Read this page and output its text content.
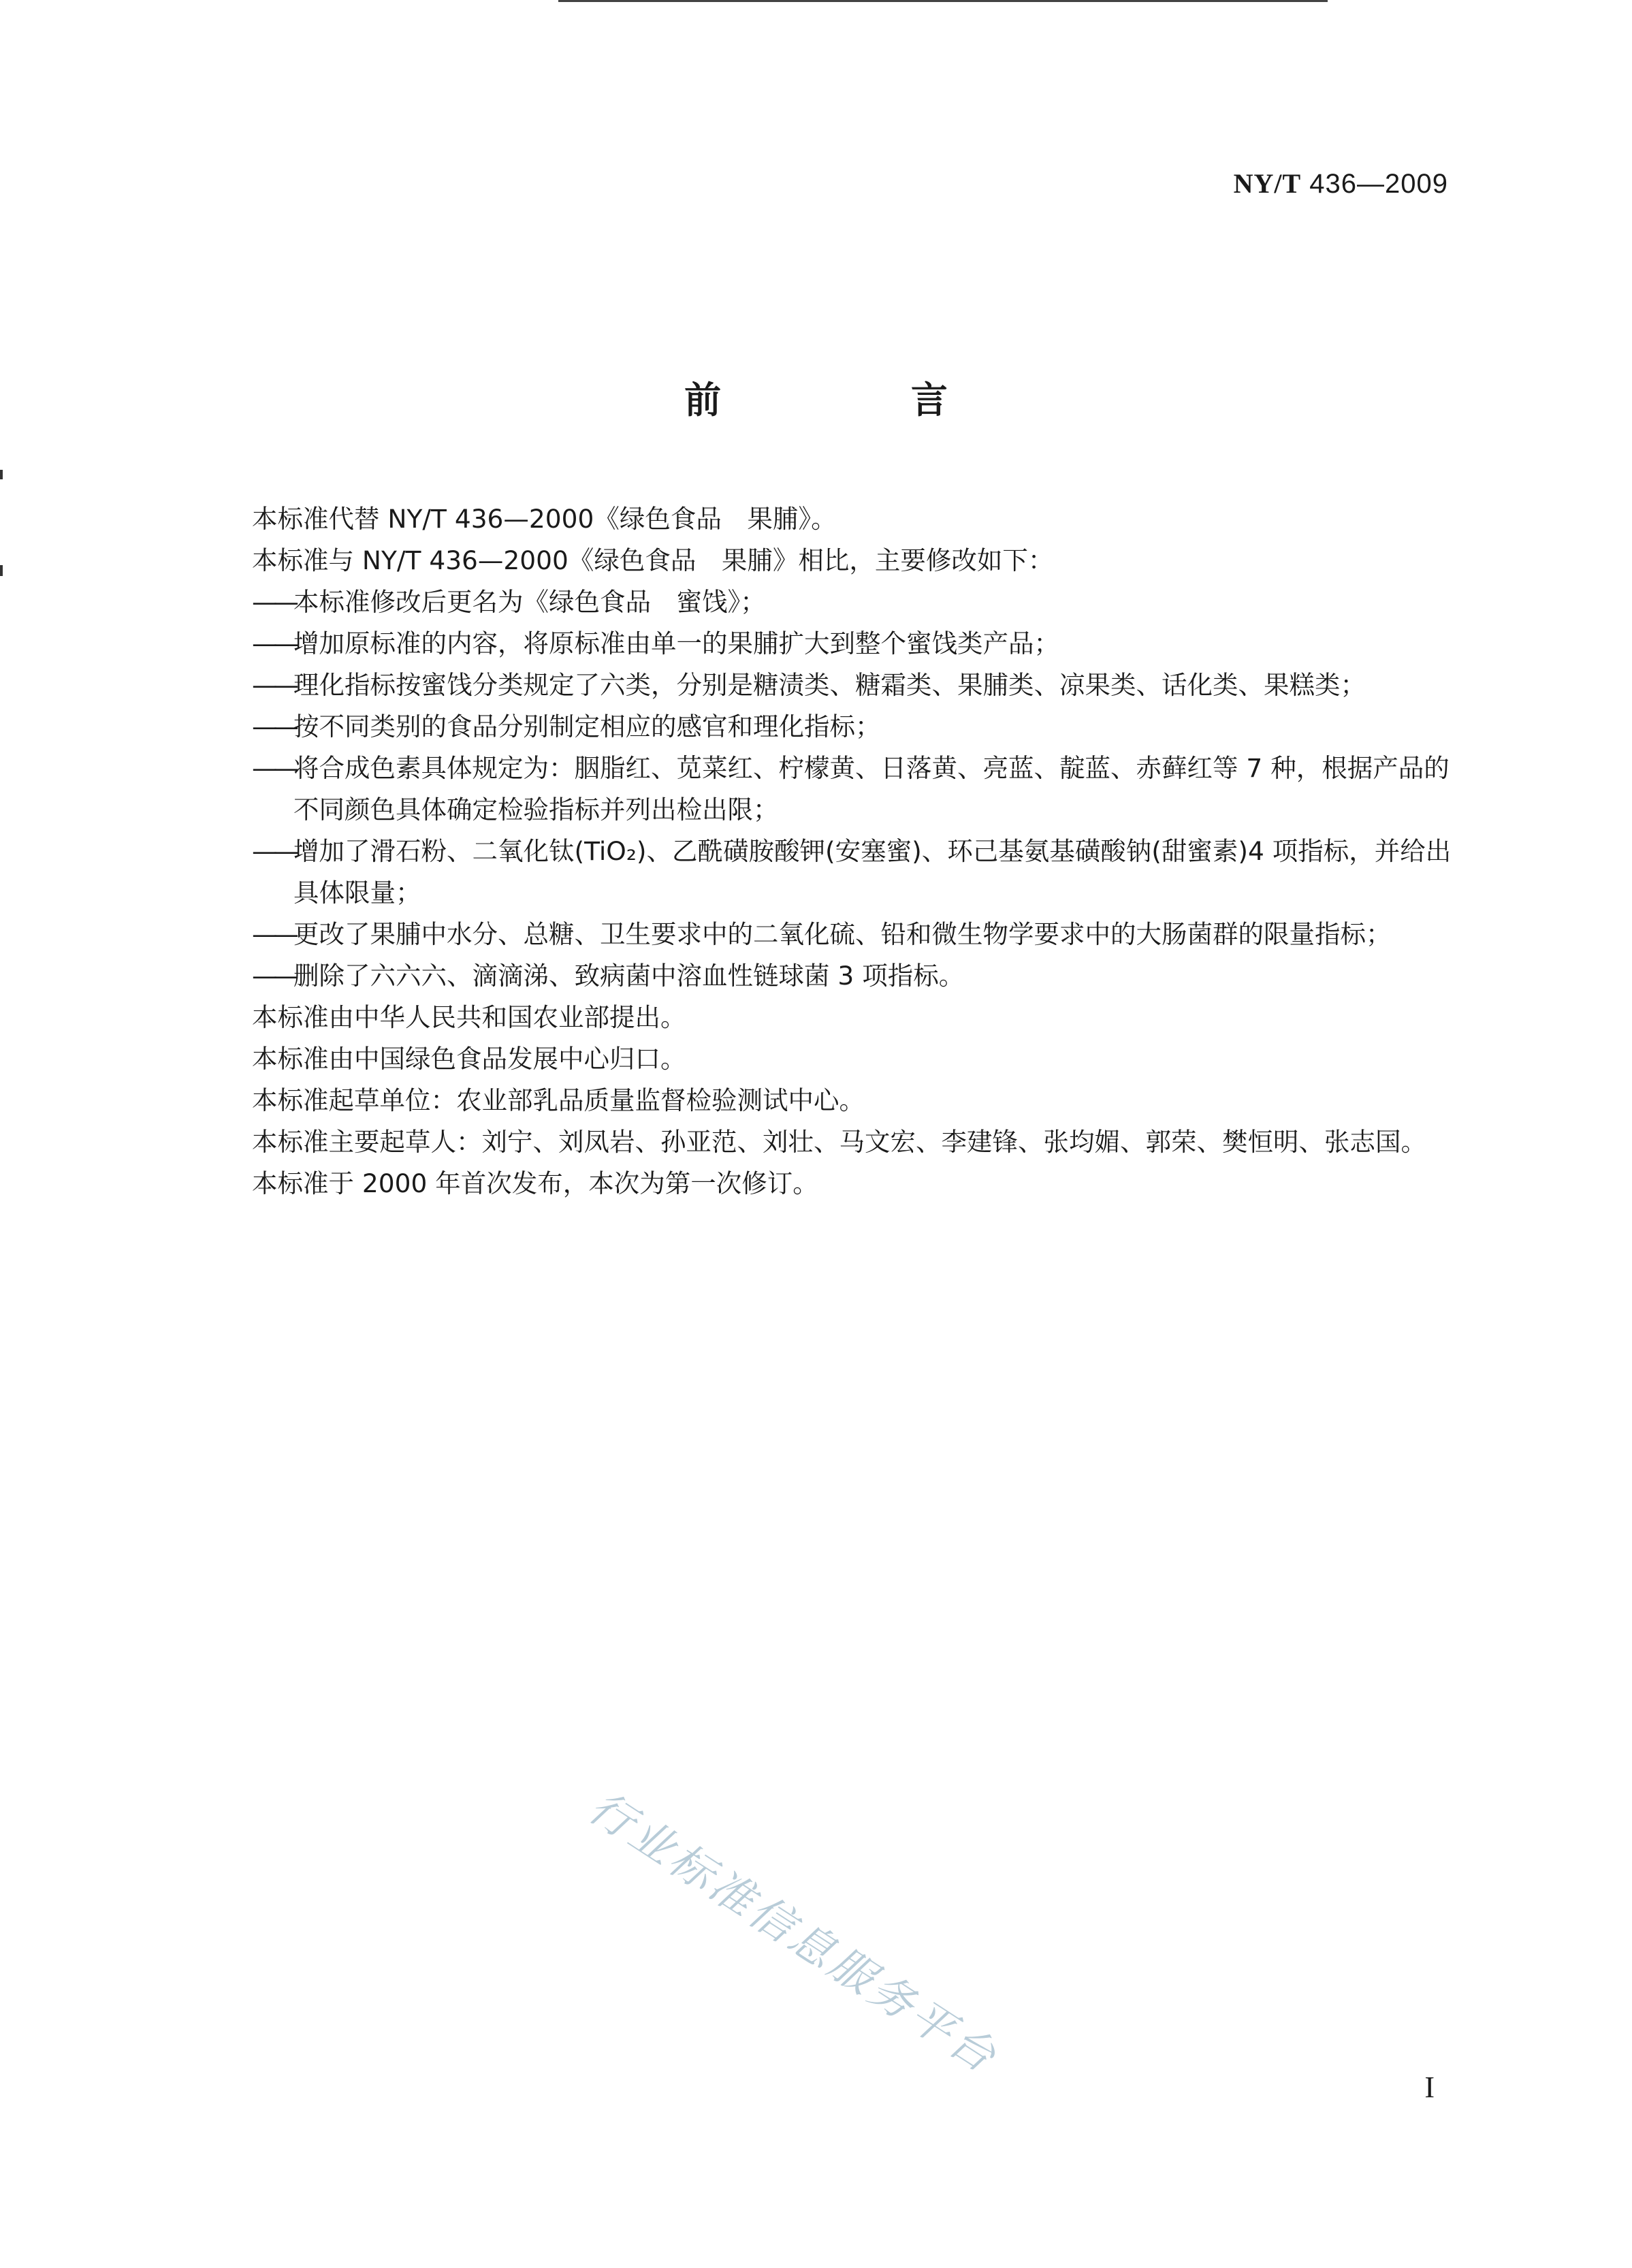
NY/T 436—2009
前 言

本标准代替 NY/T 436—2000《绿色食品　果脯》。

本标准与 NY/T 436—2000《绿色食品　果脯》相比，主要修改如下：

——
本标准修改后更名为《绿色食品　蜜饯》；
——
增加原标准的内容，将原标准由单一的果脯扩大到整个蜜饯类产品；
——
理化指标按蜜饯分类规定了六类，分别是糖渍类、糖霜类、果脯类、凉果类、话化类、果糕类；
——
按不同类别的食品分别制定相应的感官和理化指标；
——
将合成色素具体规定为：胭脂红、苋菜红、柠檬黄、日落黄、亮蓝、靛蓝、赤藓红等 7 种，根据产品的不同颜色具体确定检验指标并列出检出限；
——
增加了滑石粉、二氧化钛(TiO₂)、乙酰磺胺酸钾(安塞蜜)、环己基氨基磺酸钠(甜蜜素)4 项指标，并给出具体限量；
——
更改了果脯中水分、总糖、卫生要求中的二氧化硫、铅和微生物学要求中的大肠菌群的限量指标；
——
删除了六六六、滴滴涕、致病菌中溶血性链球菌 3 项指标。

本标准由中华人民共和国农业部提出。

本标准由中国绿色食品发展中心归口。

本标准起草单位：农业部乳品质量监督检验测试中心。

本标准主要起草人：刘宁、刘凤岩、孙亚范、刘壮、马文宏、李建锋、张均媚、郭荣、樊恒明、张志国。

本标准于 2000 年首次发布，本次为第一次修订。

行业标准信息服务平台
I
